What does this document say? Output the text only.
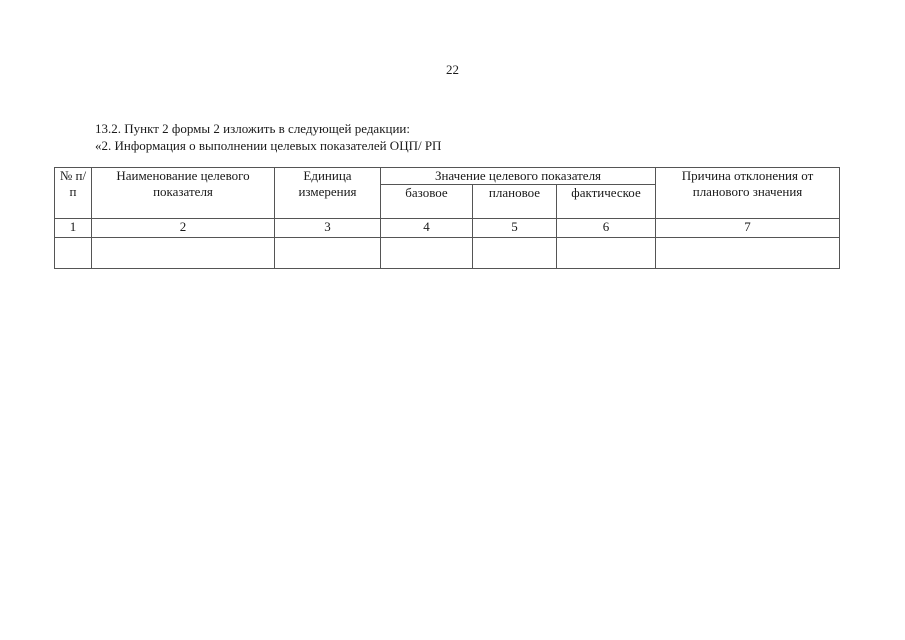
22
13.2. Пункт 2 формы 2 изложить в следующей редакции:
«2. Информация о выполнении целевых показателей ОЦП/ РП
№ п/п	Наименование целевого показателя	Единица измерения	Значение целевого показателя			Причина отклонения от планового значения
			базовое	плановое	фактическое	
1	2	3	4	5	6	7
